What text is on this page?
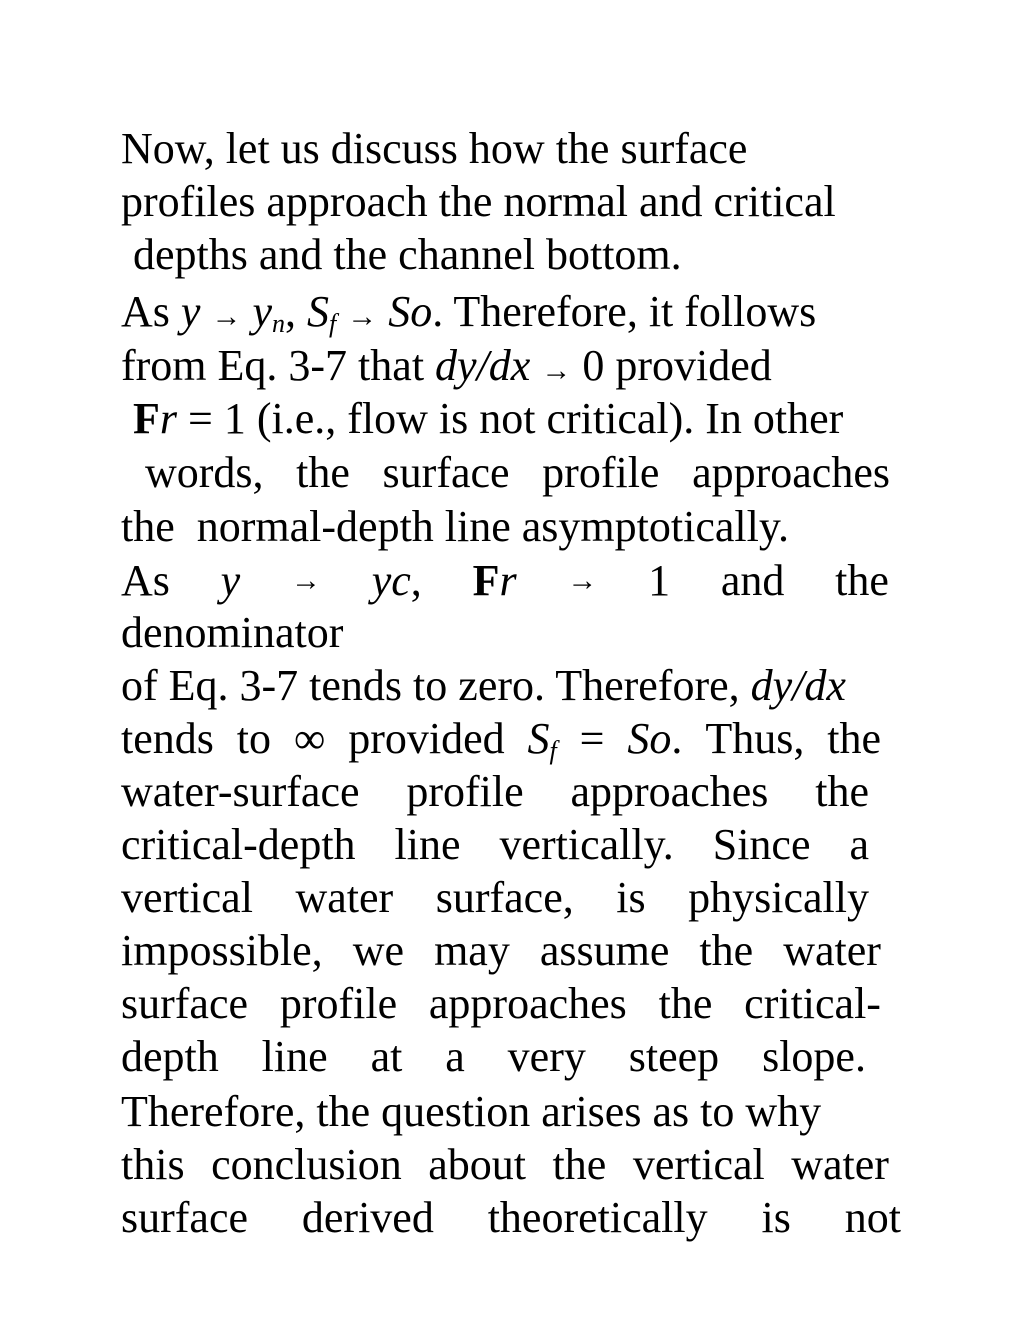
Now, let us discuss how the surface
profiles approach the normal and critical
depths and the channel bottom.
As y → yn, Sf → So. Therefore, it follows
from Eq. 3-7 that dy/dx → 0 provided
Fr = 1 (i.e., flow is not critical). In other
words, the surface profile approaches
the  normal-depth line asymptotically.
As y → yc, Fr → 1 and the
denominator
of Eq. 3-7 tends to zero. Therefore, dy/dx
tends to ∞ provided Sf = So. Thus, the
water-surface profile approaches the
critical-depth line vertically. Since a
vertical water surface, is physically
impossible, we may assume the water
surface profile approaches the critical-
depth line at a very steep slope.
Therefore, the question arises as to why
this conclusion about the vertical water
surface derived theoretically is not
